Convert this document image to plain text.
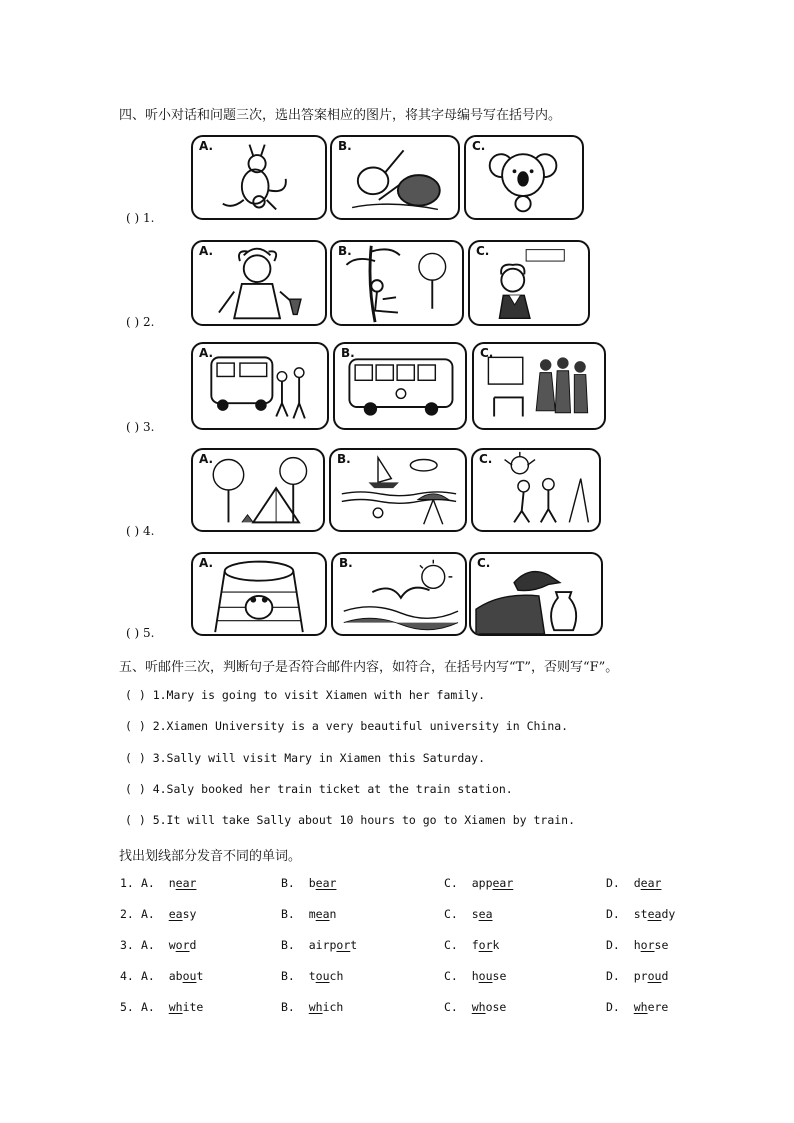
四、听小对话和问题三次，选出答案相应的图片，将其字母编号写在括号内。
( ) 1.
A.	B.	C.
( ) 2.
A.	B.	C.
( ) 3.
A.	B.	C.
( ) 4.
A.	B.	C.
( ) 5.
A.	B.	C.
五、听邮件三次，判断句子是否符合邮件内容，如符合，在括号内写“T”，否则写“F”。
( ) 1.Mary is going to visit Xiamen with her family.
( ) 2.Xiamen University is a very beautiful university in China.
( ) 3.Sally will visit Mary in Xiamen this Saturday.
( ) 4.Saly booked her train ticket at the train station.
( ) 5.It will take Sally about 10 hours to go to Xiamen by train.
找出划线部分发音不同的单词。
1. A. near	B. bear	C. appear	D. dear
2. A. easy	B. mean	C. sea	D. steady
3. A. word	B. airport	C. fork	D. horse
4. A. about	B. touch	C. house	D. proud
5. A. white	B. which	C. whose	D. where
